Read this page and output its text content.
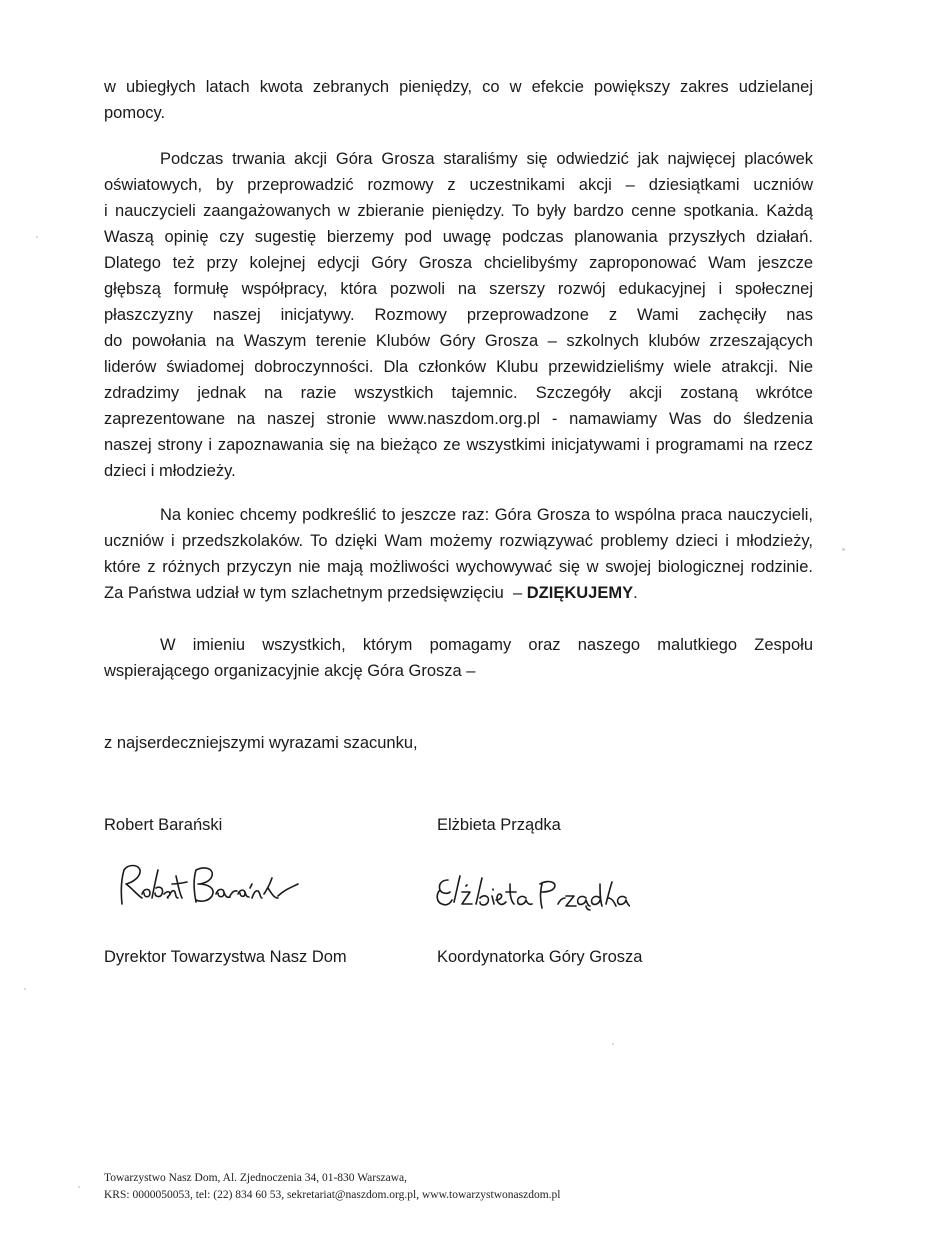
w ubiegłych latach kwota zebranych pieniędzy, co w efekcie powiększy zakres udzielanej
pomocy.
Podczas trwania akcji Góra Grosza staraliśmy się odwiedzić jak najwięcej placówek
oświatowych, by przeprowadzić rozmowy z uczestnikami akcji – dziesiątkami uczniów
i nauczycieli zaangażowanych w zbieranie pieniędzy. To były bardzo cenne spotkania. Każdą
Waszą opinię czy sugestię bierzemy pod uwagę podczas planowania przyszłych działań.
Dlatego też przy kolejnej edycji Góry Grosza chcielibyśmy zaproponować Wam jeszcze
głębszą formułę współpracy, która pozwoli na szerszy rozwój edukacyjnej i społecznej
płaszczyzny naszej inicjatywy. Rozmowy przeprowadzone z Wami zachęciły nas
do powołania na Waszym terenie Klubów Góry Grosza – szkolnych klubów zrzeszających
liderów świadomej dobroczynności. Dla członków Klubu przewidzieliśmy wiele atrakcji. Nie
zdradzimy jednak na razie wszystkich tajemnic. Szczegóły akcji zostaną wkrótce
zaprezentowane na naszej stronie www.naszdom.org.pl - namawiamy Was do śledzenia
naszej strony i zapoznawania się na bieżąco ze wszystkimi inicjatywami i programami na rzecz
dzieci i młodzieży.
Na koniec chcemy podkreślić to jeszcze raz: Góra Grosza to wspólna praca nauczycieli,
uczniów i przedszkolaków. To dzięki Wam możemy rozwiązywać problemy dzieci i młodzieży,
które z różnych przyczyn nie mają możliwości wychowywać się w swojej biologicznej rodzinie.
Za Państwa udział w tym szlachetnym przedsięwzięciu  – DZIĘKUJEMY.
W imieniu wszystkich, którym pomagamy oraz naszego malutkiego Zespołu
wspierającego organizacyjnie akcję Góra Grosza –
z najserdeczniejszymi wyrazami szacunku,
Robert Barański
Dyrektor Towarzystwa Nasz Dom
Elżbieta Prządka
Koordynatorka Góry Grosza
Towarzystwo Nasz Dom, Al. Zjednoczenia 34, 01-830 Warszawa,
KRS: 0000050053, tel: (22) 834 60 53, sekretariat@naszdom.org.pl, www.towarzystwonaszdom.pl
